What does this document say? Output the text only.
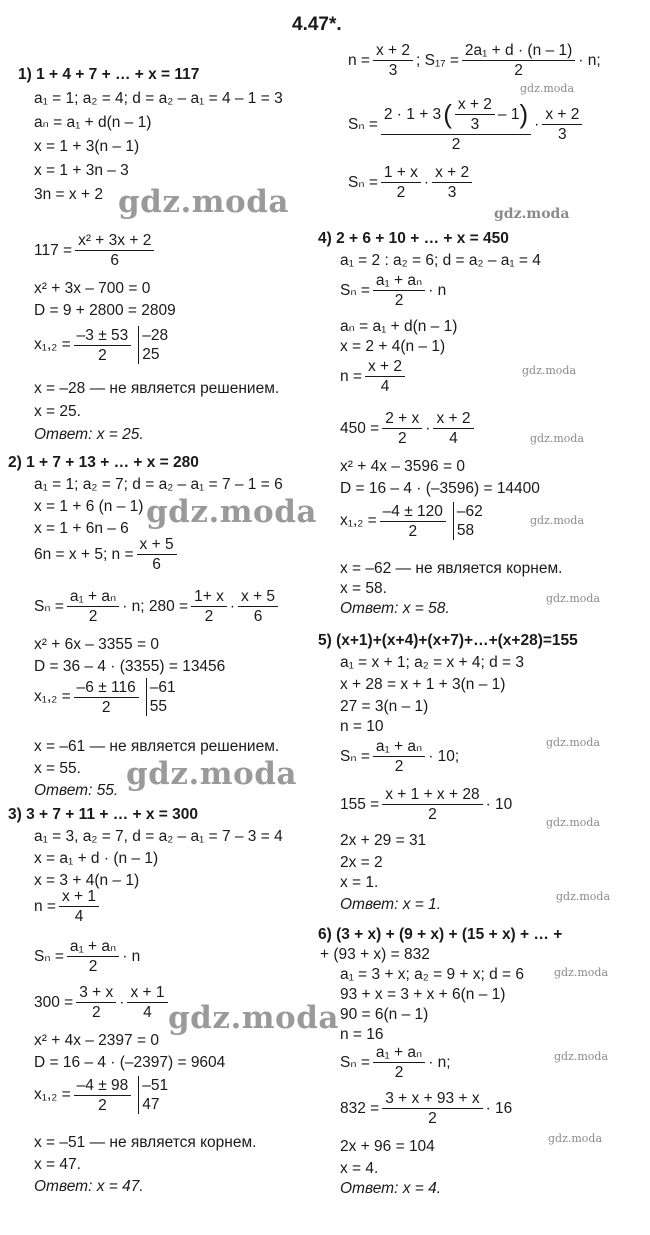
4.47*.
1) 1 + 4 + 7 + … + x = 117
a₁ = 1; a₂ = 4; d = a₂ – a₁ = 4 – 1 = 3
aₙ = a₁ + d(n – 1)
x = 1 + 3(n – 1)
x = 1 + 3n – 3
3n = x + 2
$117 = \frac{\text{x² + 3x + 2}}{6}$
x² + 3x – 700 = 0
D = 9 + 2800 = 2809
$x_1,_2 = \frac{-3 \pm 53}{2} -28$
25
x = –28 — не является решением.
x = 25.
Ответ: x = 25.
2) 1 + 7 + 13 + … + x = 280
a₁ = 1; a₂ = 7; d = a₂ – a₁ = 7 – 1 = 6
x = 1 + 6 (n – 1)
x = 1 + 6n – 6
6n = x + 5; $n = \frac{x + 5}{6}$
$S_n = \frac{\text{a₁ + aₙ}}{2} \cdot n$; $280 = \frac{1+ x}{2} \cdot \frac{x + 5}{6}$
x² + 6x – 3355 = 0
D = 36 – 4 · (3355) = 13456
$x_1,_2 = \frac{-6 \pm 116}{2} -61$
55
x = –61 — не является решением.
x = 55.
Ответ: 55.
3) 3 + 7 + 11 + … + x = 300
a₁ = 3, a₂ = 7, d = a₂ – a₁ = 7 – 3 = 4
x = a₁ + d · (n – 1)
x = 3 + 4(n – 1)
$n = \frac{x + 1}{4}$
$S_n = \frac{\text{a₁ + aₙ}}{2} \cdot n$
$300 = \frac{3 + x}{2} \cdot \frac{x + 1}{4}$
x² + 4x – 2397 = 0
D = 16 – 4 · (–2397) = 9604
$x_1,_2 = \frac{-4 \pm 98}{2} -51$
47
x = –51 — не является корнем.
x = 47.
Ответ: x = 47.
$n = \frac{x + 2}{3}$ ; $S_{17} = \frac{\text{2a₁ + d · (n – 1)}}{2} \cdot n$;
$S_n = \frac{2 \cdot 1 + 3 ( \frac{x + 2}{3} - 1 )}{2} \cdot \frac{x + 2}{3}$
$S_n = \frac{1 + x}{2} \cdot \frac{x + 2}{3}$
4) 2 + 6 + 10 + … + x = 450
a₁ = 2 : a₂ = 6; d = a₂ – a₁ = 4
$S_n = \frac{\text{a₁ + aₙ}}{2} \cdot n$
aₙ = a₁ + d(n – 1)
x = 2 + 4(n – 1)
$n = \frac{x + 2}{4}$
$450 = \frac{2 + x}{2} \cdot \frac{x + 2}{4}$
x² + 4x – 3596 = 0
D = 16 – 4 · (–3596) = 14400
$x_1,_2 = \frac{-4 \pm 120}{2} -62$
58
x = –62 — не является корнем.
x = 58.
Ответ: x = 58.
5) (x+1)+(x+4)+(x+7)+…+(x+28)=155
a₁ = x + 1; a₂ = x + 4; d = 3
x + 28 = x + 1 + 3(n – 1)
27 = 3(n – 1)
n = 10
$S_n = \frac{\text{a₁ + aₙ}}{2} \cdot 10$;
$155 = \frac{x + 1 + x + 28}{2} \cdot 10$
2x + 29 = 31
2x = 2
x = 1.
Ответ: x = 1.
6) (3 + x) + (9 + x) + (15 + x) + … +
+ (93 + x) = 832
a₁ = 3 + x; a₂ = 9 + x; d = 6
93 + x = 3 + x + 6(n – 1)
90 = 6(n – 1)
n = 16
$S_n = \frac{\text{a₁ + aₙ}}{2} \cdot n$;
$832 = \frac{3 + x + 93 + x}{2} \cdot 16$
2x + 96 = 104
x = 4.
Ответ: x = 4.
gdz.moda
gdz.moda
gdz.moda
gdz.moda
gdz.moda
gdz.moda
gdz.moda
gdz.moda
gdz.moda
gdz.moda
gdz.moda
gdz.moda
gdz.moda
gdz.moda
gdz.moda
gdz.moda
